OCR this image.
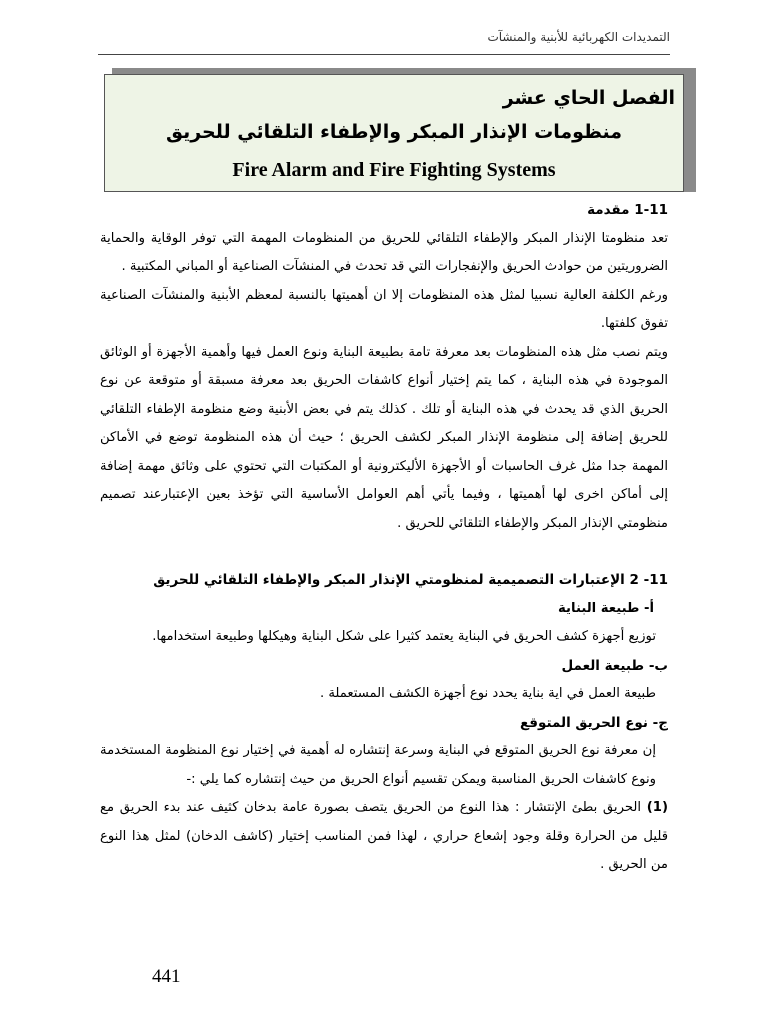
التمديدات الكهربائية للأبنية والمنشآت
الفصل الحاي عشر
منظومات الإنذار المبكر والإطفاء التلقائي للحريق
Fire Alarm and Fire Fighting Systems

1-11 مقدمة

تعد منظومتا الإنذار المبكر والإطفاء التلقائي للحريق من المنظومات المهمة التي توفر الوقاية والحماية الضروريتين من حوادث الحريق والإنفجارات التي قد تحدث في المنشآت الصناعية أو المباني المكتبية .

ورغم الكلفة العالية نسبيا لمثل هذه المنظومات إلا ان أهميتها بالنسبة لمعظم الأبنية والمنشآت الصناعية تفوق كلفتها.

ويتم نصب مثل هذه المنظومات بعد معرفة تامة بطبيعة البناية ونوع العمل فيها وأهمية الأجهزة أو الوثائق الموجودة في هذه البناية ، كما يتم إختيار أنواع كاشفات الحريق بعد معرفة مسبقة أو متوقعة عن نوع الحريق الذي قد يحدث في هذه البناية أو تلك . كذلك يتم في بعض الأبنية وضع منظومة الإطفاء التلقائي للحريق إضافة إلى منظومة الإنذار المبكر لكشف الحريق ؛ حيث أن هذه المنظومة توضع في الأماكن المهمة جدا مثل غرف الحاسبات أو الأجهزة الأليكترونية أو المكتبات التي تحتوي على وثائق مهمة إضافة إلى أماكن اخرى لها أهميتها ، وفيما يأتي أهم العوامل الأساسية التي تؤخذ بعين الإعتبارعند تصميم منظومتي الإنذار المبكر والإطفاء التلقائي للحريق .

11- 2 الإعتبارات التصميمية لمنظومتي الإنذار المبكر والإطفاء التلقائي للحريق

أ- طبيعة البناية

توزيع أجهزة كشف الحريق في البناية يعتمد كثيرا على شكل البناية وهيكلها وطبيعة استخدامها.

ب- طبيعة العمل

طبيعة العمل في اية بناية يحدد نوع أجهزة الكشف المستعملة .

ج- نوع الحريق المتوقع

إن معرفة نوع الحريق المتوقع في البناية وسرعة إنتشاره له أهمية في إختيار نوع المنظومة المستخدمة ونوع كاشفات الحريق المناسبة ويمكن تقسيم أنواع الحريق من حيث إنتشاره كما يلي :-

(1) الحريق بطئ الإنتشار : هذا النوع من الحريق يتصف بصورة عامة بدخان كثيف عند بدء الحريق مع قليل من الحرارة وقلة وجود إشعاع حراري ، لهذا فمن المناسب إختيار (كاشف الدخان) لمثل هذا النوع من الحريق .

441
